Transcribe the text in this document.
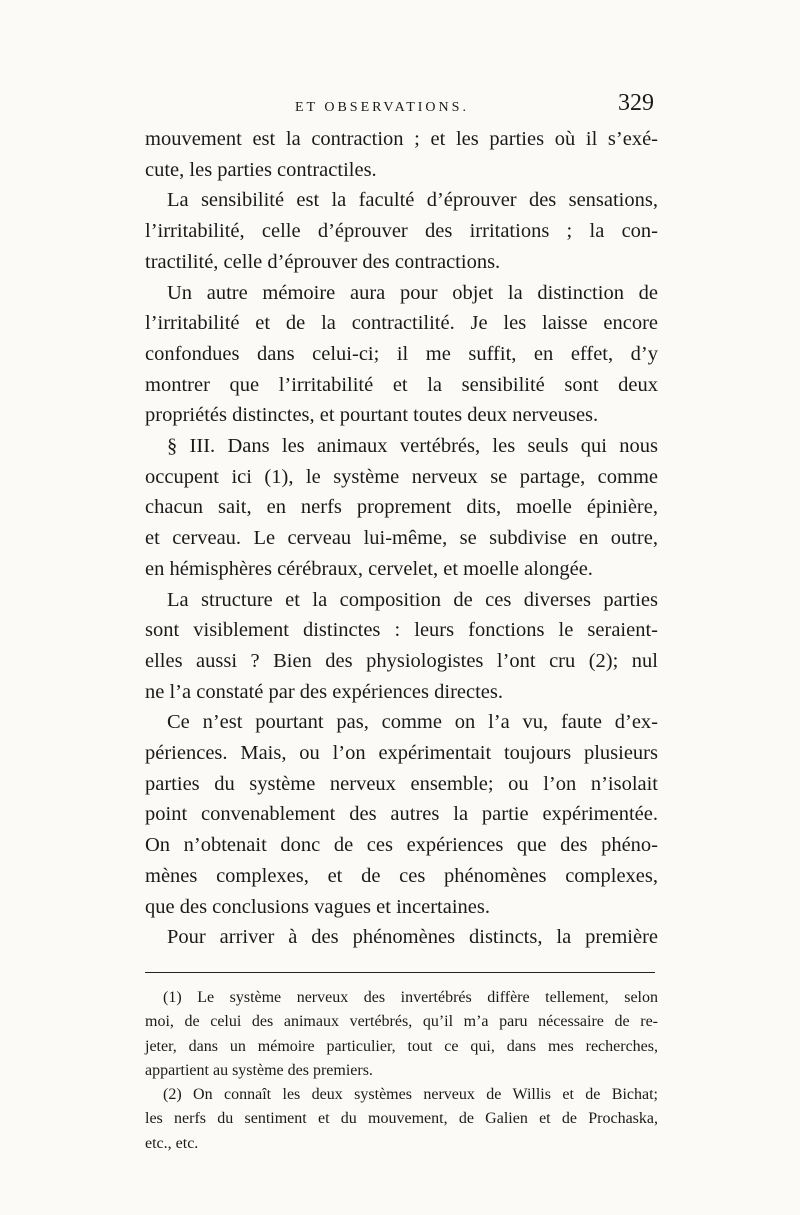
ET OBSERVATIONS.	329
mouvement est la contraction ; et les parties où il s’exé-
cute, les parties contractiles.
La sensibilité est la faculté d’éprouver des sensations,
l’irritabilité, celle d’éprouver des irritations ; la con-
tractilité, celle d’éprouver des contractions.
Un autre mémoire aura pour objet la distinction de
l’irritabilité et de la contractilité. Je les laisse encore
confondues dans celui-ci; il me suffit, en effet, d’y
montrer que l’irritabilité et la sensibilité sont deux
propriétés distinctes, et pourtant toutes deux nerveuses.
§ III. Dans les animaux vertébrés, les seuls qui nous
occupent ici (1), le système nerveux se partage, comme
chacun sait, en nerfs proprement dits, moelle épinière,
et cerveau. Le cerveau lui-même, se subdivise en outre,
en hémisphères cérébraux, cervelet, et moelle alongée.
La structure et la composition de ces diverses parties
sont visiblement distinctes : leurs fonctions le seraient-
elles aussi ? Bien des physiologistes l’ont cru (2); nul
ne l’a constaté par des expériences directes.
Ce n’est pourtant pas, comme on l’a vu, faute d’ex-
périences. Mais, ou l’on expérimentait toujours plusieurs
parties du système nerveux ensemble; ou l’on n’isolait
point convenablement des autres la partie expérimentée.
On n’obtenait donc de ces expériences que des phéno-
mènes complexes, et de ces phénomènes complexes,
que des conclusions vagues et incertaines.
Pour arriver à des phénomènes distincts, la première
(1) Le système nerveux des invertébrés diffère tellement, selon
moi, de celui des animaux vertébrés, qu’il m’a paru nécessaire de re-
jeter, dans un mémoire particulier, tout ce qui, dans mes recherches,
appartient au système des premiers.
(2) On connaît les deux systèmes nerveux de Willis et de Bichat;
les nerfs du sentiment et du mouvement, de Galien et de Prochaska,
etc., etc.
